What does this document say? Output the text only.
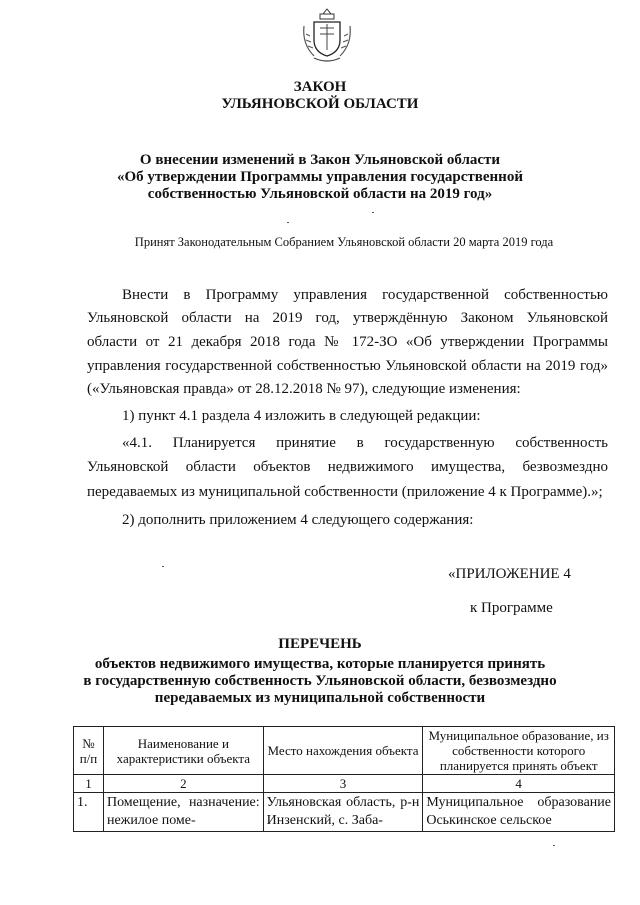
ЗАКОН
УЛЬЯНОВСКОЙ ОБЛАСТИ
О внесении изменений в Закон Ульяновской области
«Об утверждении Программы управления государственной
собственностью Ульяновской области на 2019 год»
Принят Законодательным Собранием Ульяновской области 20 марта 2019 года
Внести в Программу управления государственной собственностью
Ульяновской области на 2019 год, утверждённую Законом Ульяновской
области от 21 декабря 2018 года № 172-ЗО «Об утверждении Программы
управления государственной собственностью Ульяновской области на 2019 год»
(«Ульяновская правда» от 28.12.2018 № 97), следующие изменения:
1) пункт 4.1 раздела 4 изложить в следующей редакции:
«4.1. Планируется принятие в государственную собственность
Ульяновской области объектов недвижимого имущества, безвозмездно
передаваемых из муниципальной собственности (приложение 4 к Программе).»;
2) дополнить приложением 4 следующего содержания:
«ПРИЛОЖЕНИЕ 4
к Программе
ПЕРЕЧЕНЬ
объектов недвижимого имущества, которые планируется принять
в государственную собственность Ульяновской области, безвозмездно
передаваемых из муниципальной собственности
№ п/п	Наименование и характеристики объекта	Место нахождения объекта	Муниципальное образование, из собственности которого планируется принять объект
1	2	3	4
1.	Помещение, назначение: нежилое поме-	Ульяновская область, р-н Инзенский, с. Заба-	Муниципальное образование Оськинское сельское
